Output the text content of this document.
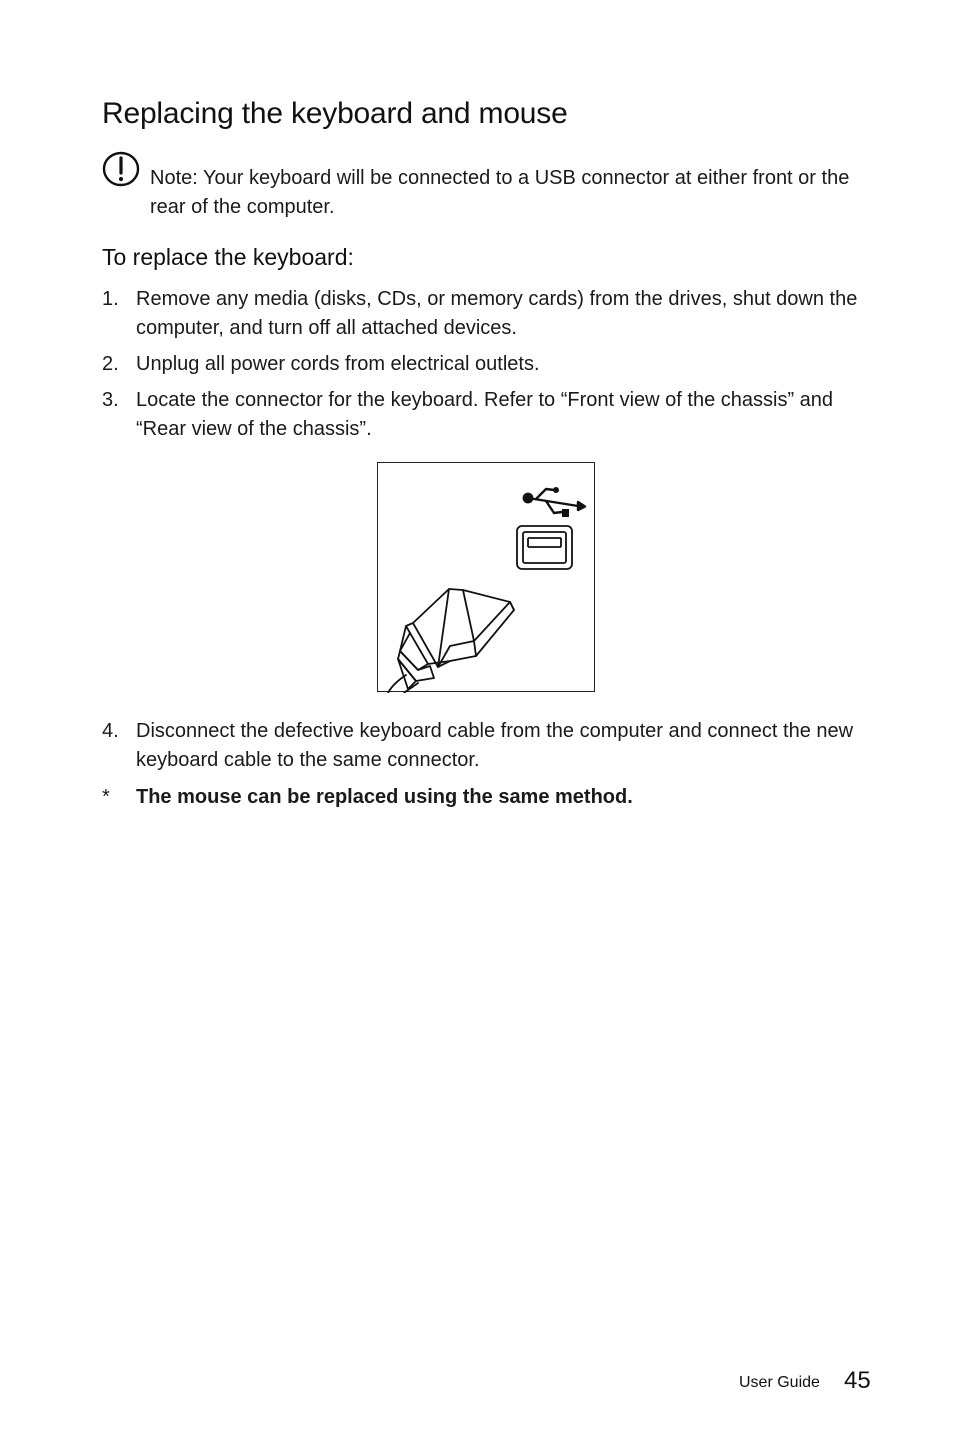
Replacing the keyboard and mouse
Note: Your keyboard will be connected to a USB connector at either front or the rear of the computer.
To replace the keyboard:
1. Remove any media (disks, CDs, or memory cards) from the drives, shut down the computer, and turn off all attached devices.
2. Unplug all power cords from electrical outlets.
3. Locate the connector for the keyboard. Refer to “Front view of the chassis” and “Rear view of the chassis”.
4. Disconnect the defective keyboard cable from the computer and connect the new keyboard cable to the same connector.
*	The mouse can be replaced using the same method.
User Guide 45
